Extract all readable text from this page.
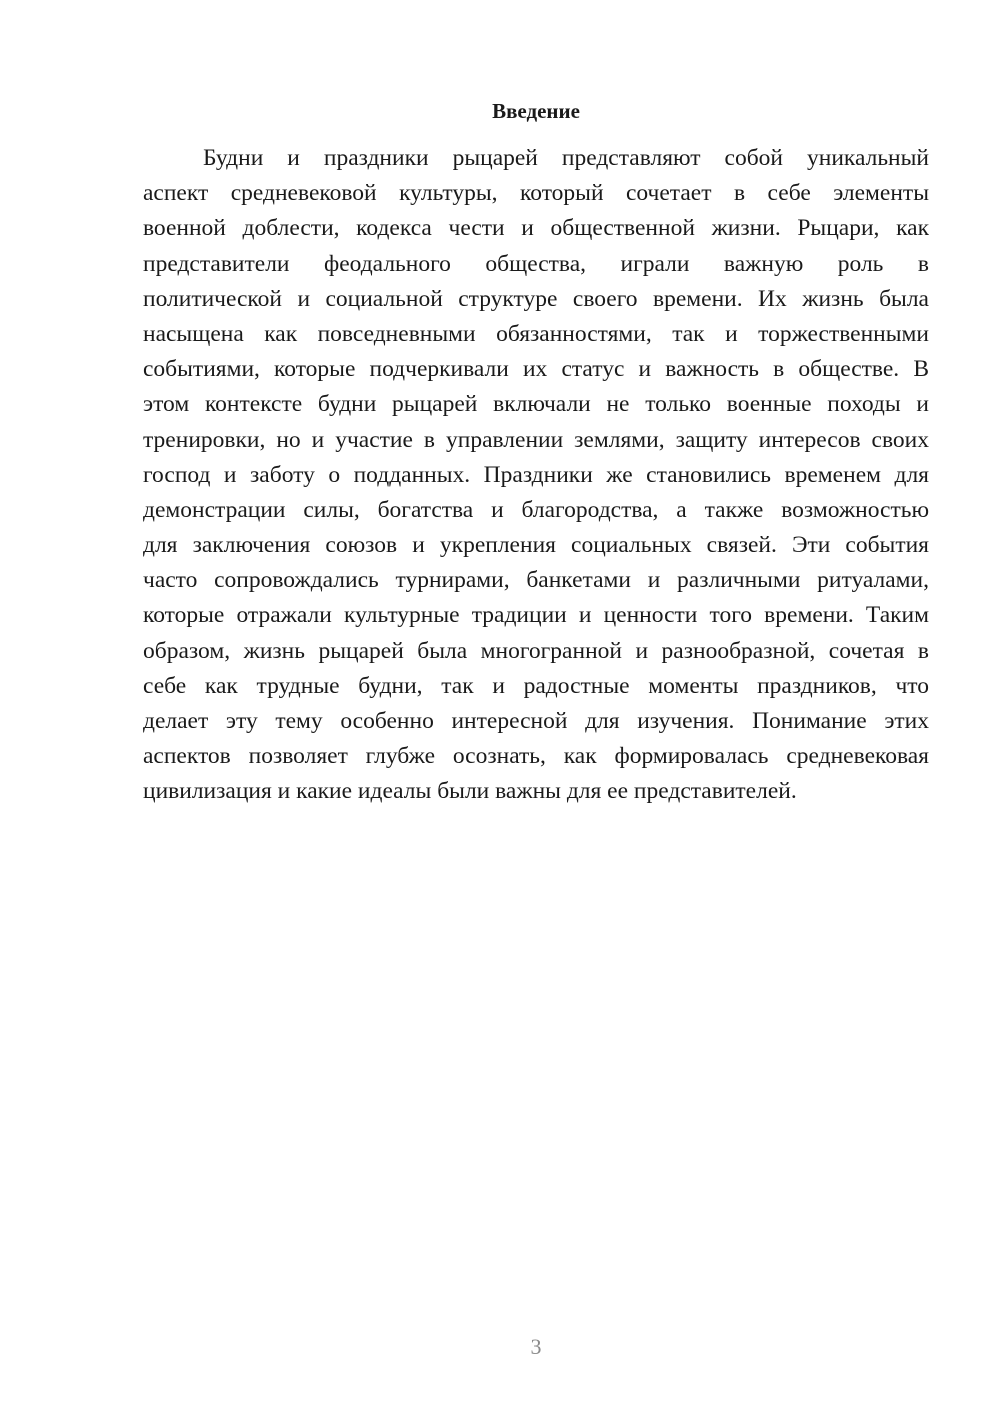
Введение
Будни и праздники рыцарей представляют собой уникальный
аспект средневековой культуры, который сочетает в себе элементы
военной доблести, кодекса чести и общественной жизни. Рыцари, как
представители феодального общества, играли важную роль в
политической и социальной структуре своего времени. Их жизнь была
насыщена как повседневными обязанностями, так и торжественными
событиями, которые подчеркивали их статус и важность в обществе. В
этом контексте будни рыцарей включали не только военные походы и
тренировки, но и участие в управлении землями, защиту интересов своих
господ и заботу о подданных. Праздники же становились временем для
демонстрации силы, богатства и благородства, а также возможностью
для заключения союзов и укрепления социальных связей. Эти события
часто сопровождались турнирами, банкетами и различными ритуалами,
которые отражали культурные традиции и ценности того времени. Таким
образом, жизнь рыцарей была многогранной и разнообразной, сочетая в
себе как трудные будни, так и радостные моменты праздников, что
делает эту тему особенно интересной для изучения. Понимание этих
аспектов позволяет глубже осознать, как формировалась средневековая
цивилизация и какие идеалы были важны для ее представителей.
3
